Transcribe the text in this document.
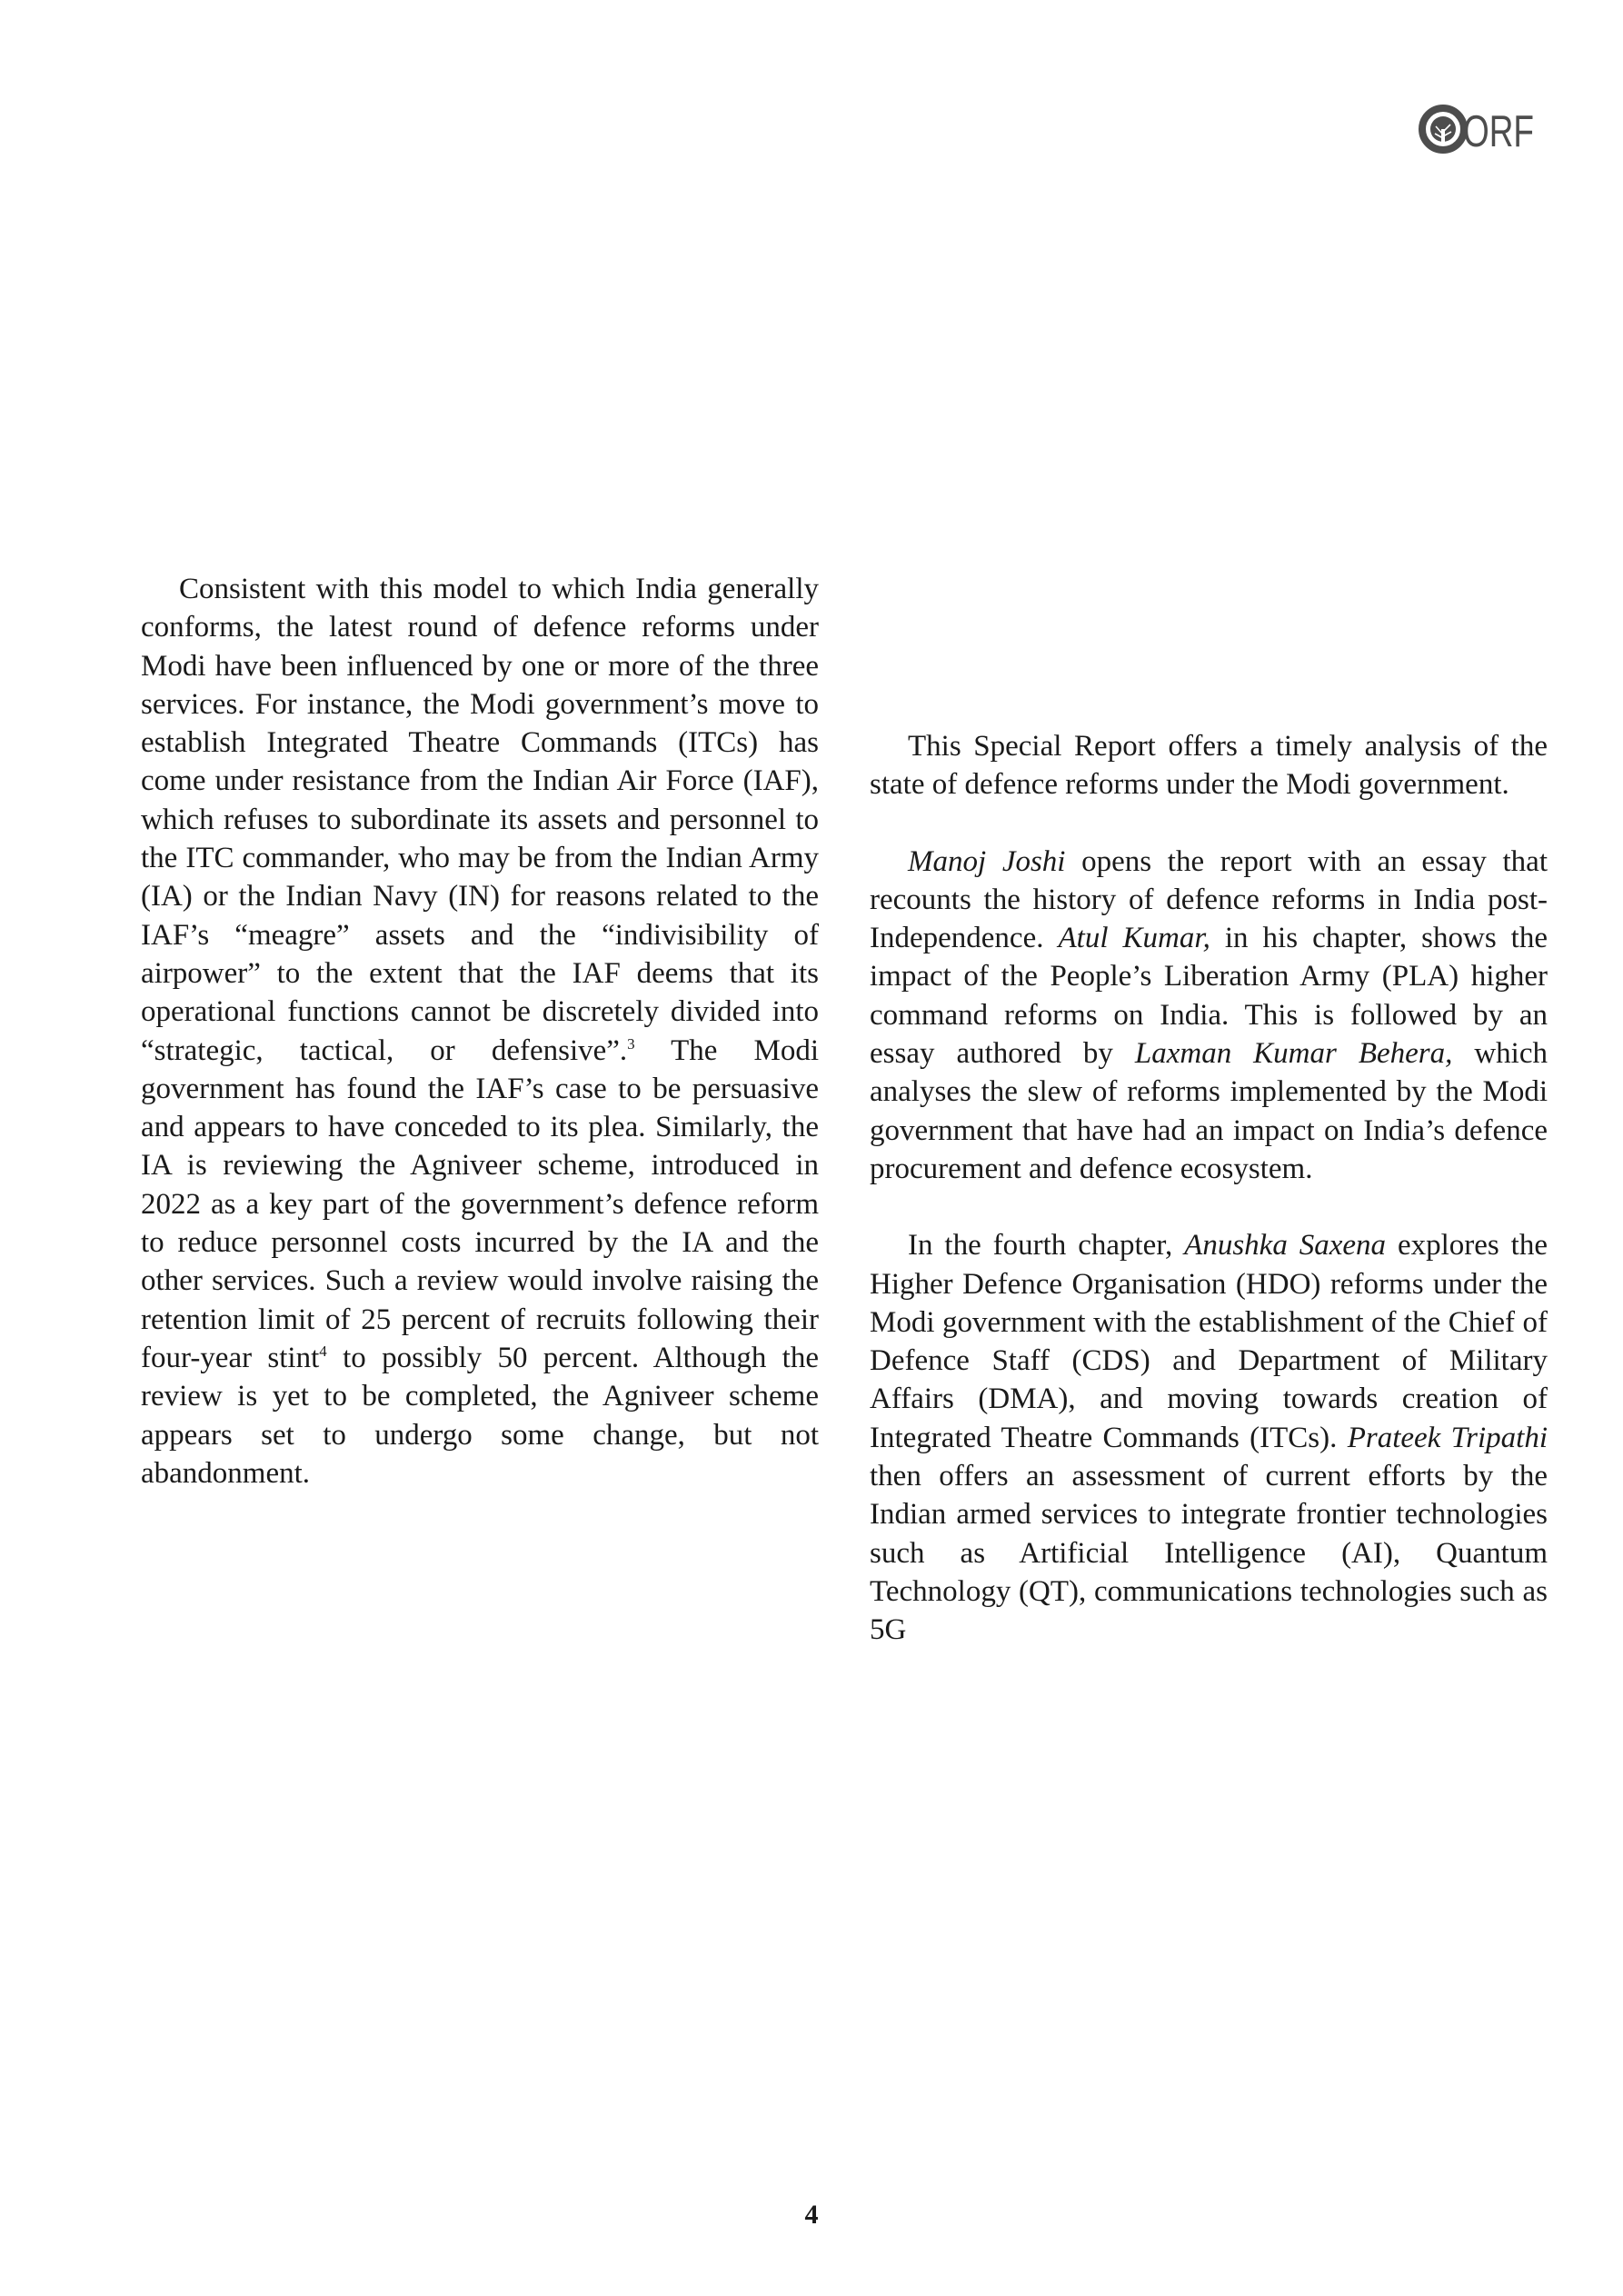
ORF

Consistent with this model to which India generally conforms, the latest round of defence reforms under Modi have been influenced by one or more of the three services. For instance, the Modi government’s move to establish Integrated Theatre Commands (ITCs) has come under resistance from the Indian Air Force (IAF), which refuses to subordinate its assets and personnel to the ITC commander, who may be from the Indian Army (IA) or the Indian Navy (IN) for reasons related to the IAF’s “meagre” assets and the “indivisibility of airpower” to the extent that the IAF deems that its operational functions cannot be discretely divided into “strategic, tactical, or defensive”.$^3$ The Modi government has found the IAF’s case to be persuasive and appears to have conceded to its plea. Similarly, the IA is reviewing the Agniveer scheme, introduced in 2022 as a key part of the government’s defence reform to reduce personnel costs incurred by the IA and the other services. Such a review would involve raising the retention limit of 25 percent of recruits following their four-year stint$^4$ to possibly 50 percent. Although the review is yet to be completed, the Agniveer scheme appears set to undergo some change, but not abandonment.

This Special Report offers a timely analysis of the state of defence reforms under the Modi government.

Manoj Joshi opens the report with an essay that recounts the history of defence reforms in India post-Independence. Atul Kumar, in his chapter, shows the impact of the People’s Liberation Army (PLA) higher command reforms on India. This is followed by an essay authored by Laxman Kumar Behera, which analyses the slew of reforms implemented by the Modi government that have had an impact on India’s defence procurement and defence ecosystem.

In the fourth chapter, Anushka Saxena explores the Higher Defence Organisation (HDO) reforms under the Modi government with the establishment of the Chief of Defence Staff (CDS) and Department of Military Affairs (DMA), and moving towards creation of Integrated Theatre Commands (ITCs). Prateek Tripathi then offers an assessment of current efforts by the Indian armed services to integrate frontier technologies such as Artificial Intelligence (AI), Quantum Technology (QT), communications technologies such as 5G

4
